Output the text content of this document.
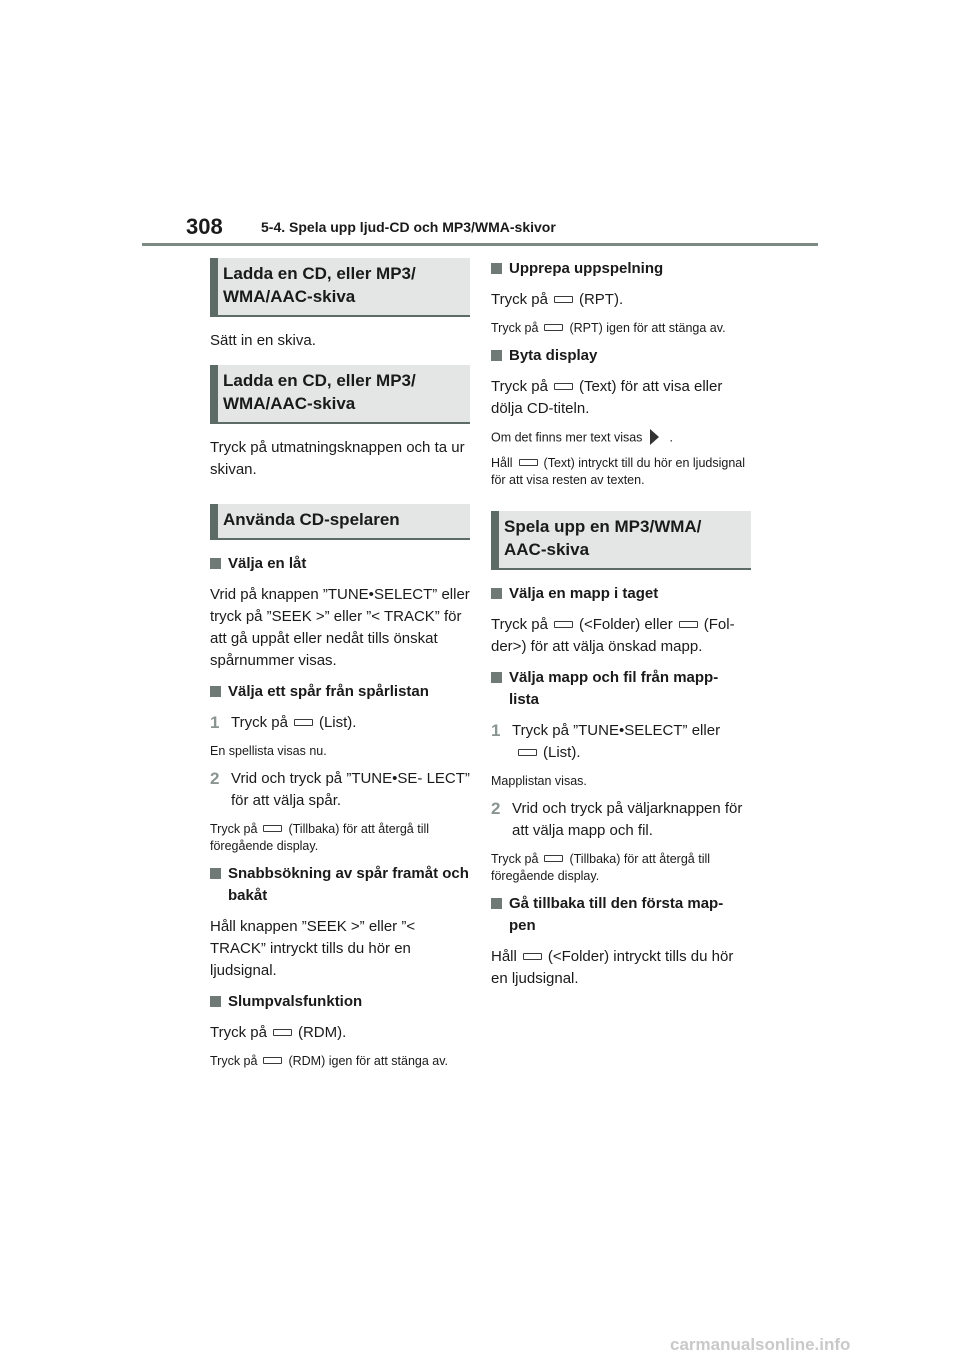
308	5-4. Spela upp ljud-CD och MP3/WMA-skivor
Ladda en CD, eller MP3/ WMA/AAC-skiva
Sätt in en skiva.
Ladda en CD, eller MP3/ WMA/AAC-skiva
Tryck på utmatningsknappen och ta ur skivan.
Använda CD-spelaren
Välja en låt
Vrid på knappen ”TUNE•SELECT” eller tryck på ”SEEK >” eller ”< TRACK” för att gå uppåt eller nedåt tills önskat spårnummer visas.
Välja ett spår från spårlistan
1 Tryck på (List).
En spellista visas nu.
2 Vrid och tryck på ”TUNE•SE- LECT” för att välja spår.
Tryck på (Tillbaka) för att återgå till föregående display.
Snabbsökning av spår framåt och bakåt
Håll knappen ”SEEK >” eller ”< TRACK” intryckt tills du hör en ljudsignal.
Slumpvalsfunktion
Tryck på (RDM).
Tryck på (RDM) igen för att stänga av.
Upprepa uppspelning
Tryck på (RPT).
Tryck på (RPT) igen för att stänga av.
Byta display
Tryck på (Text) för att visa eller dölja CD-titeln.
Om det finns mer text visas .
Håll (Text) intryckt till du hör en ljudsignal för att visa resten av texten.
Spela upp en MP3/WMA/ AAC-skiva
Välja en mapp i taget
Tryck på (<Folder) eller (Fol- der>) för att välja önskad mapp.
Välja mapp och fil från mapp- lista
1 Tryck på ”TUNE•SELECT” eller
(List).
Mapplistan visas.
2 Vrid och tryck på väljarknappen för att välja mapp och fil.
Tryck på (Tillbaka) för att återgå till föregående display.
Gå tillbaka till den första map- pen
Håll (<Folder) intryckt tills du hör en ljudsignal.
carmanualsonline.info
